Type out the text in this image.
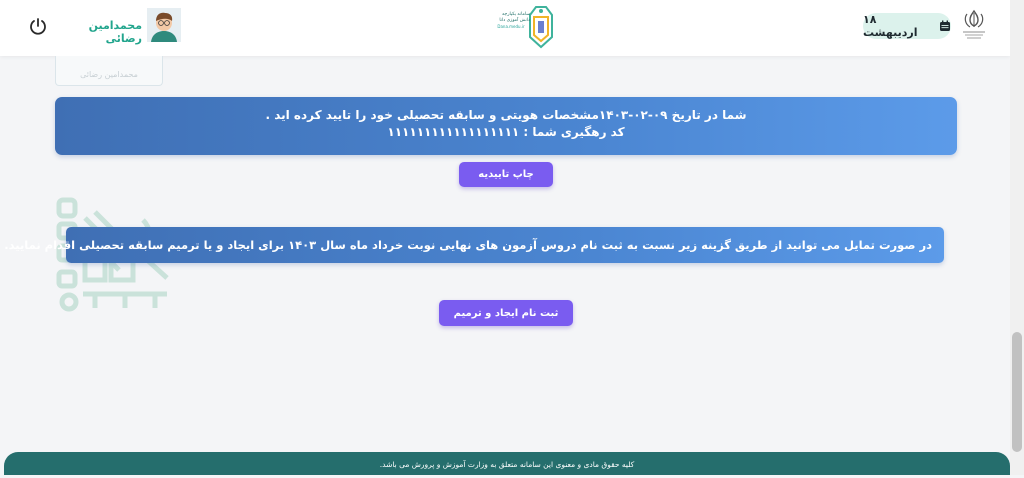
۱۸ اردیبهشت
سامانه یکپارچه
دانش آموزی دانا
Dana.medu.ir
محمدامین رضائی
محمدامین رضائی
شما در تاریخ ۰۹-۰۲-۱۴۰۳مشخصات هویتی و سابقه تحصیلی خود را تایید کرده اید .
کد رهگیری شما : ۱۱۱۱۱۱۱۱۱۱۱۱۱۱۱۱۱۱
چاپ تاییدیه
در صورت تمایل می توانید از طریق گزینه زیر نسبت به ثبت نام دروس آزمون های نهایی نوبت خرداد ماه سال ۱۴۰۳ برای ایجاد و یا ترمیم سابقه تحصیلی اقدام نمایید.
ثبت نام ایجاد و ترمیم
کلیه حقوق مادی و معنوی این سامانه متعلق به وزارت آموزش و پرورش می باشد.
